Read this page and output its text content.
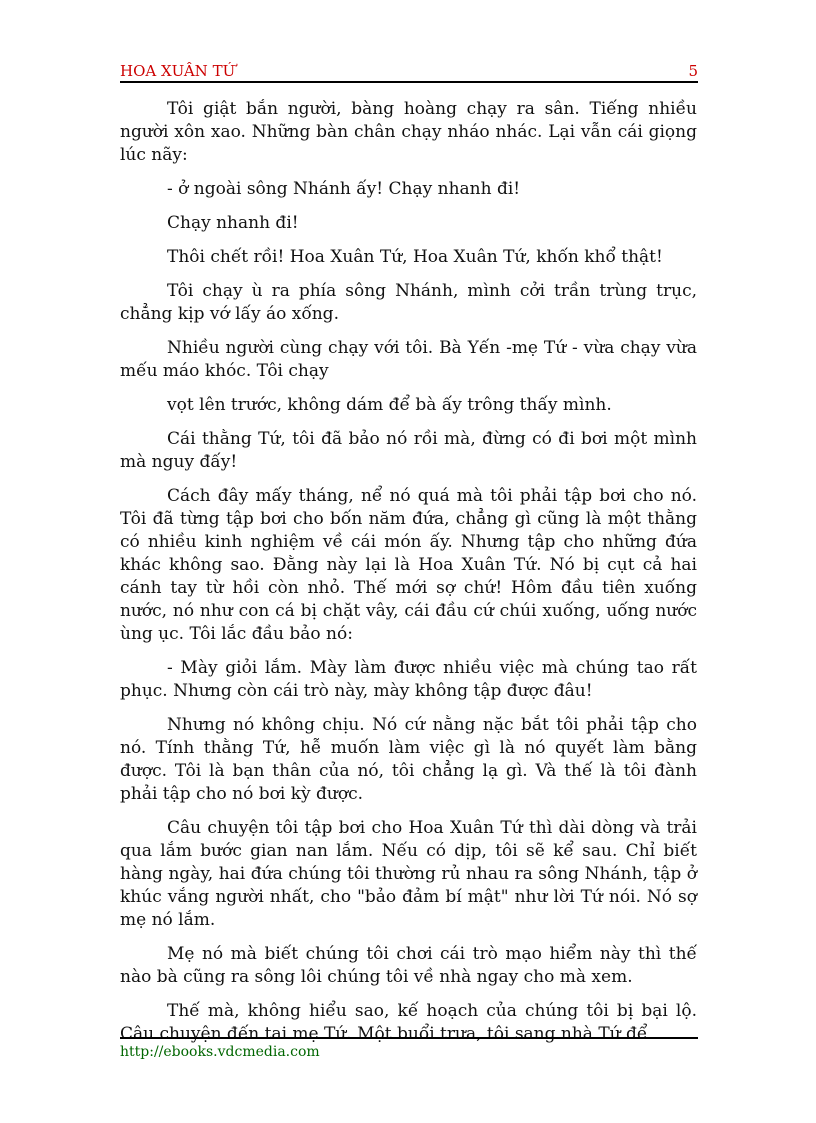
HOA XUÂN TỨ	5

Tôi giật bắn người, bàng hoàng chạy ra sân. Tiếng nhiều người xôn xao. Những bàn chân chạy nháo nhác. Lại vẫn cái giọng lúc nãy:

- ở ngoài sông Nhánh ấy! Chạy nhanh đi!

Chạy nhanh đi!

Thôi chết rồi! Hoa Xuân Tứ, Hoa Xuân Tứ, khốn khổ thật!

Tôi chạy ù ra phía sông Nhánh, mình cởi trần trùng trục, chẳng kịp vớ lấy áo xống.

Nhiều người cùng chạy với tôi. Bà Yến -mẹ Tứ - vừa chạy vừa mếu máo khóc. Tôi chạy

vọt lên trước, không dám để bà ấy trông thấy mình.

Cái thằng Tứ, tôi đã bảo nó rồi mà, đừng có đi bơi một mình mà nguy đấy!

Cách đây mấy tháng, nể nó quá mà tôi phải tập bơi cho nó. Tôi đã từng tập bơi cho bốn năm đứa, chẳng gì cũng là một thằng có nhiều kinh nghiệm về cái món ấy. Nhưng tập cho những đứa khác không sao. Đằng này lại là Hoa Xuân Tứ. Nó bị cụt cả hai cánh tay từ hồi còn nhỏ. Thế mới sợ chứ! Hôm đầu tiên xuống nước, nó như con cá bị chặt vây, cái đầu cứ chúi xuống, uống nước ùng ục. Tôi lắc đầu bảo nó:

- Mày giỏi lắm. Mày làm được nhiều việc mà chúng tao rất phục. Nhưng còn cái trò này, mày không tập được đâu!

Nhưng nó không chịu. Nó cứ nằng nặc bắt tôi phải tập cho nó. Tính thằng Tứ, hễ muốn làm việc gì là nó quyết làm bằng được. Tôi là bạn thân của nó, tôi chẳng lạ gì. Và thế là tôi đành phải tập cho nó bơi kỳ được.

Câu chuyện tôi tập bơi cho Hoa Xuân Tứ thì dài dòng và trải qua lắm bước gian nan lắm. Nếu có dịp, tôi sẽ kể sau. Chỉ biết hàng ngày, hai đứa chúng tôi thường rủ nhau ra sông Nhánh, tập ở khúc vắng người nhất, cho "bảo đảm bí mật" như lời Tứ nói. Nó sợ mẹ nó lắm.

Mẹ nó mà biết chúng tôi chơi cái trò mạo hiểm này thì thế nào bà cũng ra sông lôi chúng tôi về nhà ngay cho mà xem.

Thế mà, không hiểu sao, kế hoạch của chúng tôi bị bại lộ. Câu chuyện đến tai mẹ Tứ. Một buổi trưa, tôi sang nhà Tứ để

http://ebooks.vdcmedia.com
